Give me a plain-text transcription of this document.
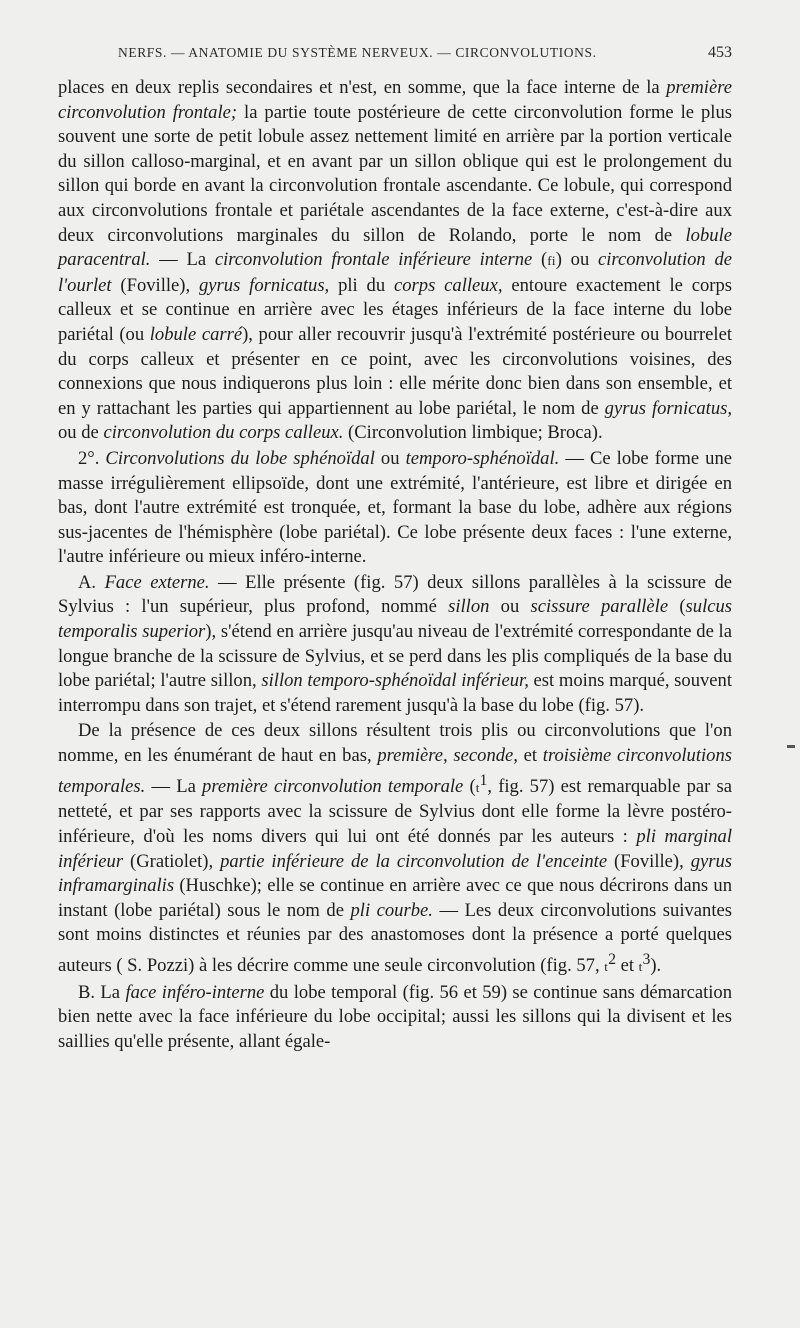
NERFS. — ANATOMIE DU SYSTÈME NERVEUX. — CIRCONVOLUTIONS.	453

places en deux replis secondaires et n'est, en somme, que la face interne de la première circonvolution frontale; la partie toute postérieure de cette circonvolution forme le plus souvent une sorte de petit lobule assez nettement limité en arrière par la portion verticale du sillon calloso-marginal, et en avant par un sillon oblique qui est le prolongement du sillon qui borde en avant la circonvolution frontale ascendante. Ce lobule, qui correspond aux circonvolutions frontale et pariétale ascendantes de la face externe, c'est-à-dire aux deux circonvolutions marginales du sillon de Rolando, porte le nom de lobule paracentral. — La circonvolution frontale inférieure interne (fi) ou circonvolution de l'ourlet (Foville), gyrus fornicatus, pli du corps calleux, entoure exactement le corps calleux et se continue en arrière avec les étages inférieurs de la face interne du lobe pariétal (ou lobule carré), pour aller recouvrir jusqu'à l'extrémité postérieure ou bourrelet du corps calleux et présenter en ce point, avec les circonvolutions voisines, des connexions que nous indiquerons plus loin : elle mérite donc bien dans son ensemble, et en y rattachant les parties qui appartiennent au lobe pariétal, le nom de gyrus fornicatus, ou de circonvolution du corps calleux. (Circonvolution limbique; Broca).

2°. Circonvolutions du lobe sphénoïdal ou temporo-sphénoïdal. — Ce lobe forme une masse irrégulièrement ellipsoïde, dont une extrémité, l'antérieure, est libre et dirigée en bas, dont l'autre extrémité est tronquée, et, formant la base du lobe, adhère aux régions sus-jacentes de l'hémisphère (lobe pariétal). Ce lobe présente deux faces : l'une externe, l'autre inférieure ou mieux inféro-interne.

A. Face externe. — Elle présente (fig. 57) deux sillons parallèles à la scissure de Sylvius : l'un supérieur, plus profond, nommé sillon ou scissure parallèle (sulcus temporalis superior), s'étend en arrière jusqu'au niveau de l'extrémité correspondante de la longue branche de la scissure de Sylvius, et se perd dans les plis compliqués de la base du lobe pariétal; l'autre sillon, sillon temporo-sphénoïdal inférieur, est moins marqué, souvent interrompu dans son trajet, et s'étend rarement jusqu'à la base du lobe (fig. 57).

De la présence de ces deux sillons résultent trois plis ou circonvolutions que l'on nomme, en les énumérant de haut en bas, première, seconde, et troisième circonvolutions temporales. — La première circonvolution temporale ($t^1$, fig. 57) est remarquable par sa netteté, et par ses rapports avec la scissure de Sylvius dont elle forme la lèvre postéro-inférieure, d'où les noms divers qui lui ont été donnés par les auteurs : pli marginal inférieur (Gratiolet), partie inférieure de la circonvolution de l'enceinte (Foville), gyrus inframarginalis (Huschke); elle se continue en arrière avec ce que nous décrirons dans un instant (lobe pariétal) sous le nom de pli courbe. — Les deux circonvolutions suivantes sont moins distinctes et réunies par des anastomoses dont la présence a porté quelques auteurs ( S. Pozzi) à les décrire comme une seule circonvolution (fig. 57, $t^2$ et $t^3$).

B. La face inféro-interne du lobe temporal (fig. 56 et 59) se continue sans démarcation bien nette avec la face inférieure du lobe occipital; aussi les sillons qui la divisent et les saillies qu'elle présente, allant égale-
